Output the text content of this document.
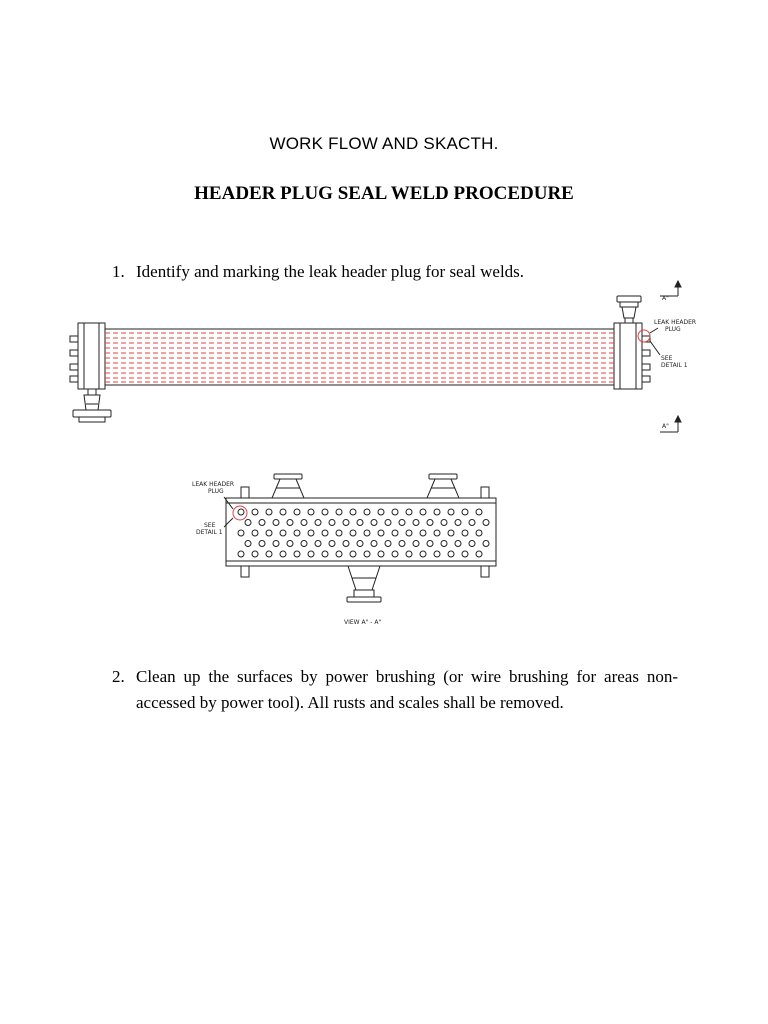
WORK FLOW AND SKACTH.
HEADER PLUG SEAL WELD PROCEDURE
1. Identify and marking the leak header plug for seal welds.
A"
A"
LEAK HEADER
PLUG
SEE
DETAIL 1
LEAK HEADER
PLUG
SEE
DETAIL 1
VIEW A" - A"
2. Clean up the surfaces by power brushing (or wire brushing for areas non-accessed by power tool). All rusts and scales shall be removed.
